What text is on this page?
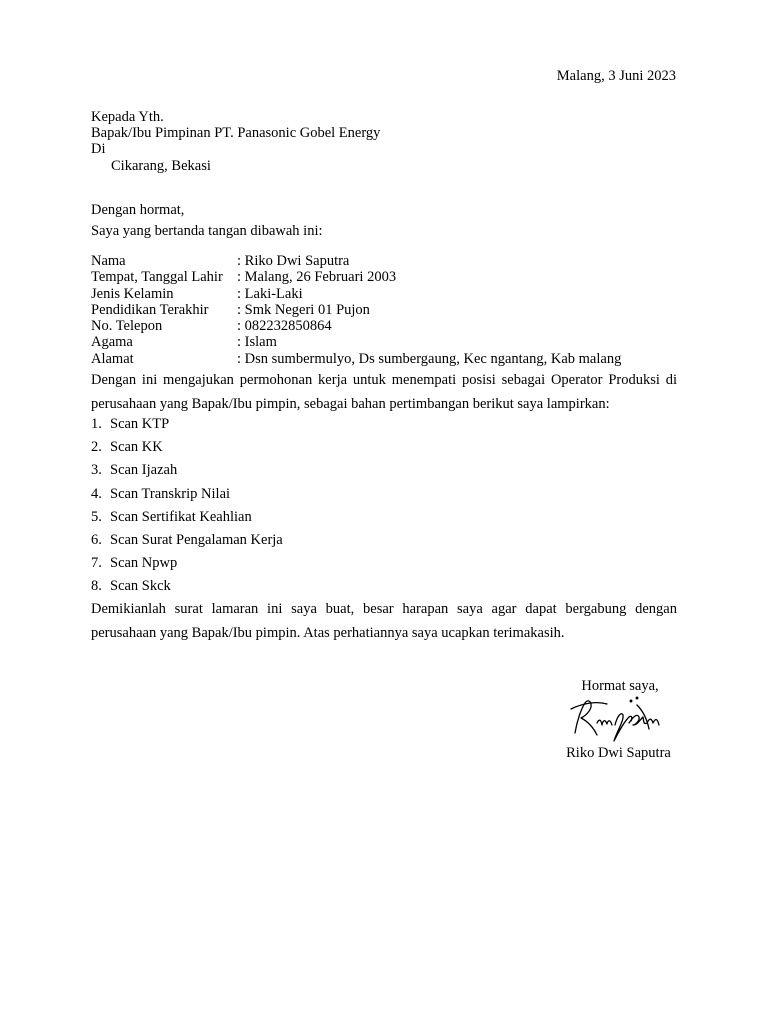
Malang, 3 Juni 2023
Kepada Yth.
Bapak/Ibu Pimpinan PT. Panasonic Gobel Energy
Di
Cikarang, Bekasi
Dengan hormat,
Saya yang bertanda tangan dibawah ini:
Nama	: Riko Dwi Saputra
Tempat, Tanggal Lahir : Malang, 26 Februari 2003
Jenis Kelamin	: Laki-Laki
Pendidikan Terakhir	: Smk Negeri 01 Pujon
No. Telepon	: 082232850864
Agama	: Islam
Alamat	: Dsn sumbermulyo, Ds sumbergaung, Kec ngantang, Kab malang
Dengan ini mengajukan permohonan kerja untuk menempati posisi sebagai Operator Produksi di perusahaan yang Bapak/Ibu pimpin, sebagai bahan pertimbangan berikut saya lampirkan:
1. Scan KTP
2. Scan KK
3. Scan Ijazah
4. Scan Transkrip Nilai
5. Scan Sertifikat Keahlian
6. Scan Surat Pengalaman Kerja
7. Scan Npwp
8. Scan Skck
Demikianlah surat lamaran ini saya buat, besar harapan saya agar dapat bergabung dengan perusahaan yang Bapak/Ibu pimpin. Atas perhatiannya saya ucapkan terimakasih.
Hormat saya,
Riko Dwi Saputra
